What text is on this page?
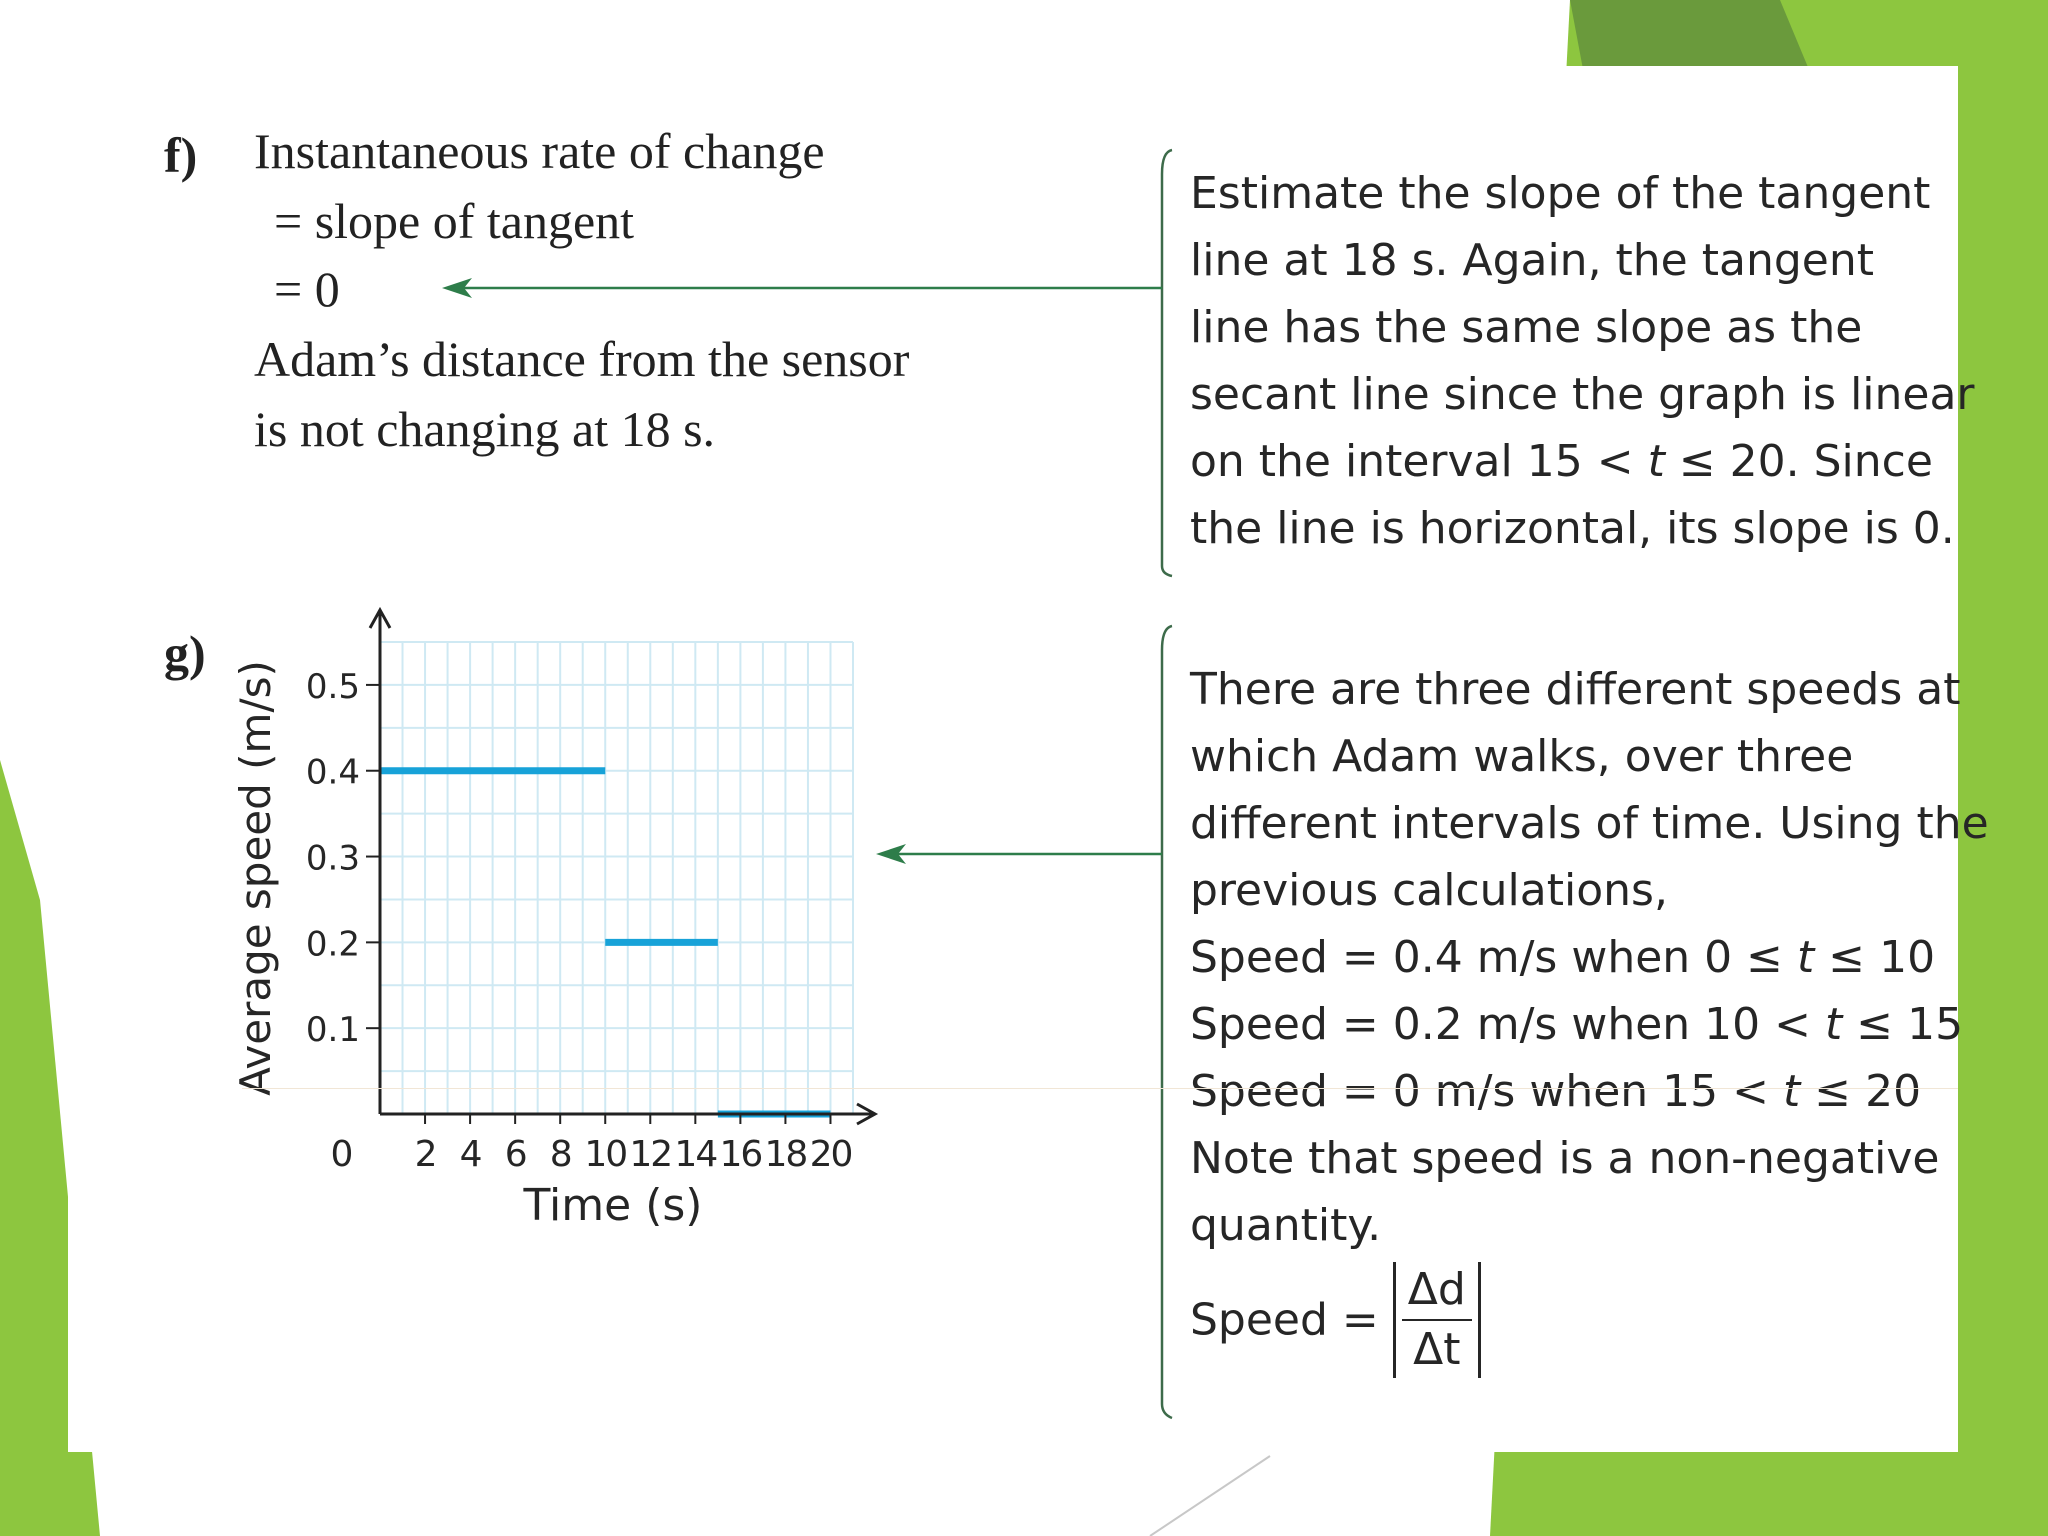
f) Instantaneous rate of change
= slope of tangent
= 0
Adam’s distance from the sensor
is not changing at 18 s.
Estimate the slope of the tangent
line at 18 s. Again, the tangent
line has the same slope as the
secant line since the graph is linear
on the interval 15 < t ≤ 20. Since
the line is horizontal, its slope is 0.
g)
There are three different speeds at
which Adam walks, over three
different intervals of time. Using the
previous calculations,
Speed = 0.4 m/s when 0 ≤ t ≤ 10
Speed = 0.2 m/s when 10 < t ≤ 15
Speed = 0 m/s when 15 < t ≤ 20
Note that speed is a non-negative
quantity.
Speed = $\frac{\Delta d}{\Delta t}$
2 4 6 8 10 12 14 16 18 20
0.1
0.2
0.3
0.4
0.5
0
Time (s)
Average speed (m/s)
